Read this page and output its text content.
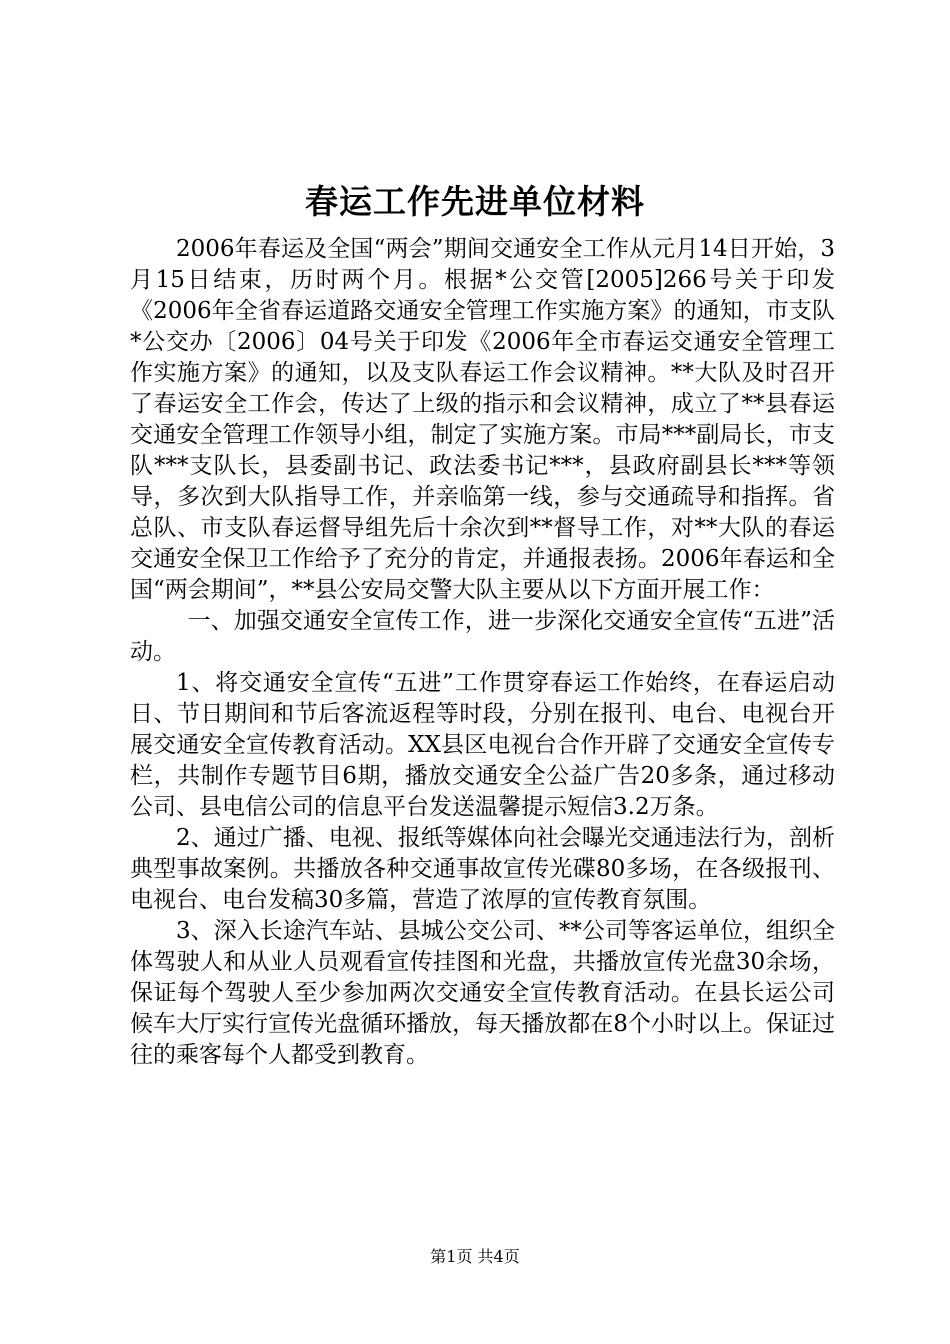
春运工作先进单位材料

2006年春运及全国“两会”期间交通安全工作从元月14日开始，3月15日结束，历时两个月。根据*公交管[2005]266号关于印发《2006年全省春运道路交通安全管理工作实施方案》的通知，市支队*公交办〔2006〕04号关于印发《2006年全市春运交通安全管理工作实施方案》的通知，以及支队春运工作会议精神。**大队及时召开了春运安全工作会，传达了上级的指示和会议精神，成立了**县春运交通安全管理工作领导小组，制定了实施方案。市局***副局长，市支队***支队长，县委副书记、政法委书记***，县政府副县长***等领导，多次到大队指导工作，并亲临第一线，参与交通疏导和指挥。省总队、市支队春运督导组先后十余次到**督导工作，对**大队的春运交通安全保卫工作给予了充分的肯定，并通报表扬。2006年春运和全国“两会期间”，**县公安局交警大队主要从以下方面开展工作：

一、加强交通安全宣传工作，进一步深化交通安全宣传“五进”活动。

1、将交通安全宣传“五进”工作贯穿春运工作始终，在春运启动日、节日期间和节后客流返程等时段，分别在报刊、电台、电视台开展交通安全宣传教育活动。XX县区电视台合作开辟了交通安全宣传专栏，共制作专题节目6期，播放交通安全公益广告20多条，通过移动公司、县电信公司的信息平台发送温馨提示短信3.2万条。

2、通过广播、电视、报纸等媒体向社会曝光交通违法行为，剖析典型事故案例。共播放各种交通事故宣传光碟80多场，在各级报刊、电视台、电台发稿30多篇，营造了浓厚的宣传教育氛围。

3、深入长途汽车站、县城公交公司、**公司等客运单位，组织全体驾驶人和从业人员观看宣传挂图和光盘，共播放宣传光盘30余场，保证每个驾驶人至少参加两次交通安全宣传教育活动。在县长运公司候车大厅实行宣传光盘循环播放，每天播放都在8个小时以上。保证过往的乘客每个人都受到教育。

第1页 共4页
